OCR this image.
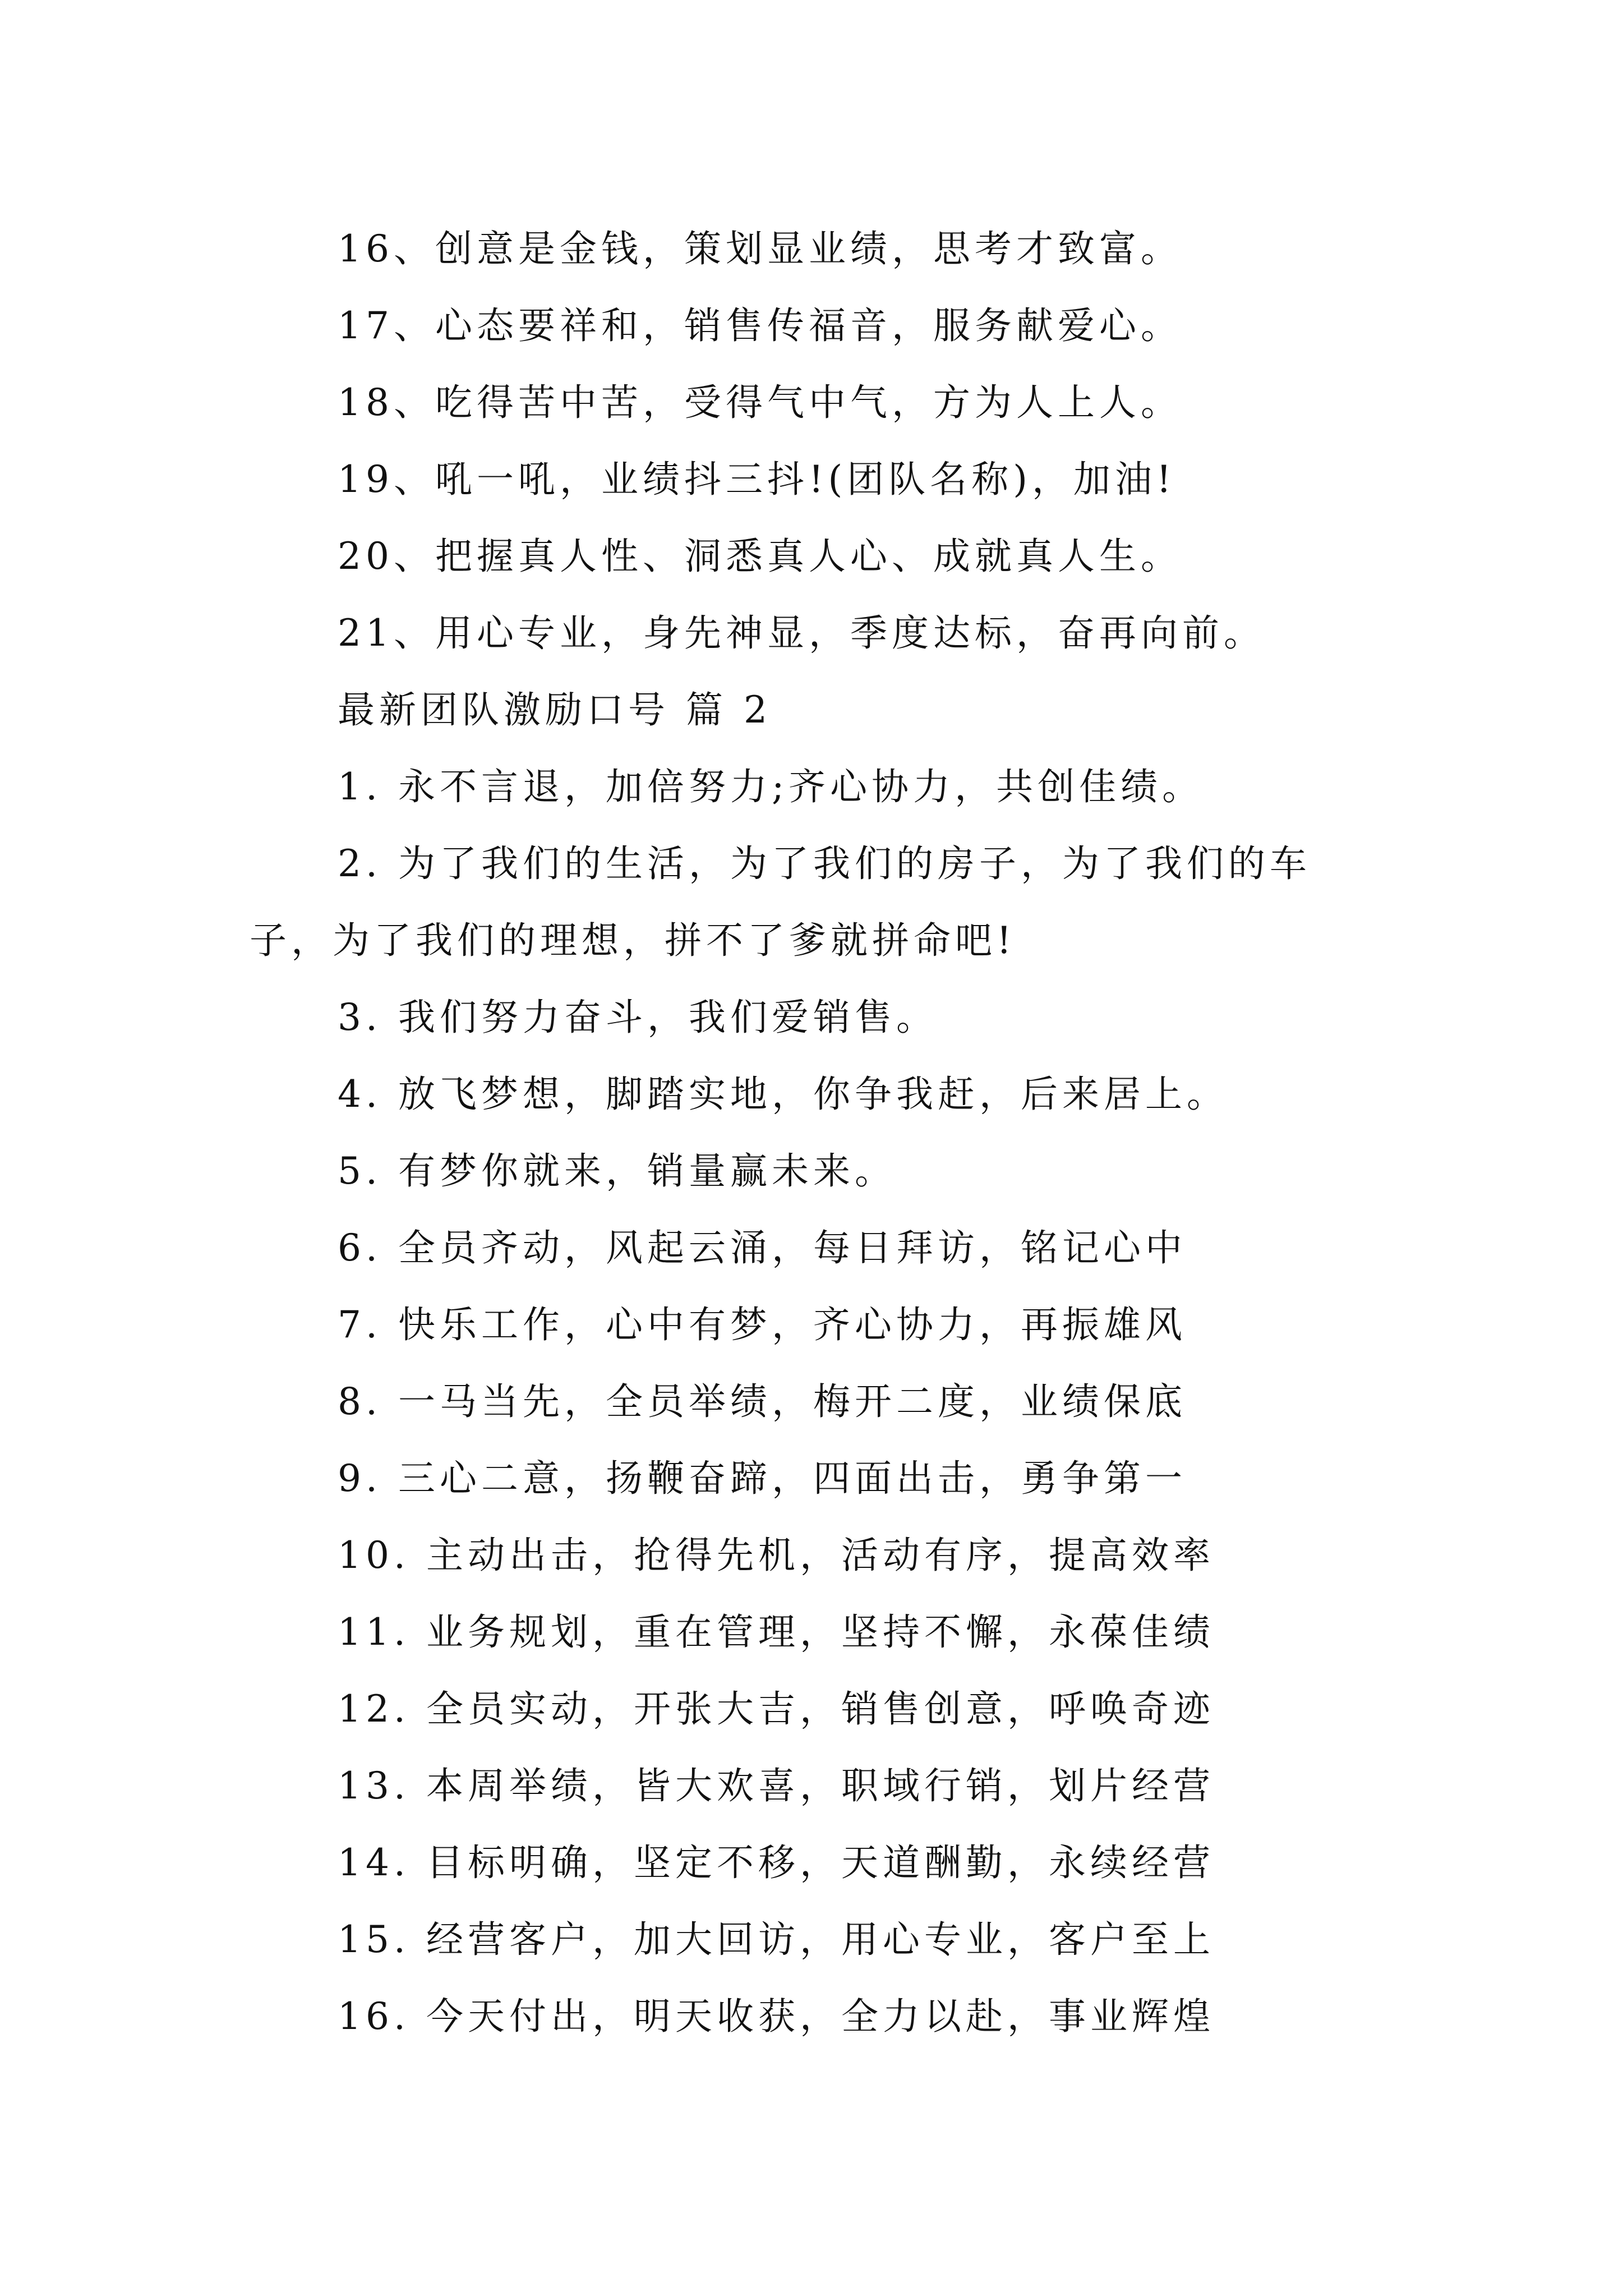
16、创意是金钱，策划显业绩，思考才致富。
17、心态要祥和，销售传福音，服务献爱心。
18、吃得苦中苦，受得气中气，方为人上人。
19、吼一吼，业绩抖三抖!(团队名称)，加油!
20、把握真人性、洞悉真人心、成就真人生。
21、用心专业，身先神显，季度达标，奋再向前。
最新团队激励口号 篇 2
1. 永不言退，加倍努力;齐心协力，共创佳绩。
2. 为了我们的生活，为了我们的房子，为了我们的车
子，为了我们的理想，拼不了爹就拼命吧!
3. 我们努力奋斗，我们爱销售。
4. 放飞梦想，脚踏实地，你争我赶，后来居上。
5. 有梦你就来，销量赢未来。
6. 全员齐动，风起云涌，每日拜访，铭记心中
7. 快乐工作，心中有梦，齐心协力，再振雄风
8. 一马当先，全员举绩，梅开二度，业绩保底
9. 三心二意，扬鞭奋蹄，四面出击，勇争第一
10. 主动出击，抢得先机，活动有序，提高效率
11. 业务规划，重在管理，坚持不懈，永葆佳绩
12. 全员实动，开张大吉，销售创意，呼唤奇迹
13. 本周举绩，皆大欢喜，职域行销，划片经营
14. 目标明确，坚定不移，天道酬勤，永续经营
15. 经营客户，加大回访，用心专业，客户至上
16. 今天付出，明天收获，全力以赴，事业辉煌
